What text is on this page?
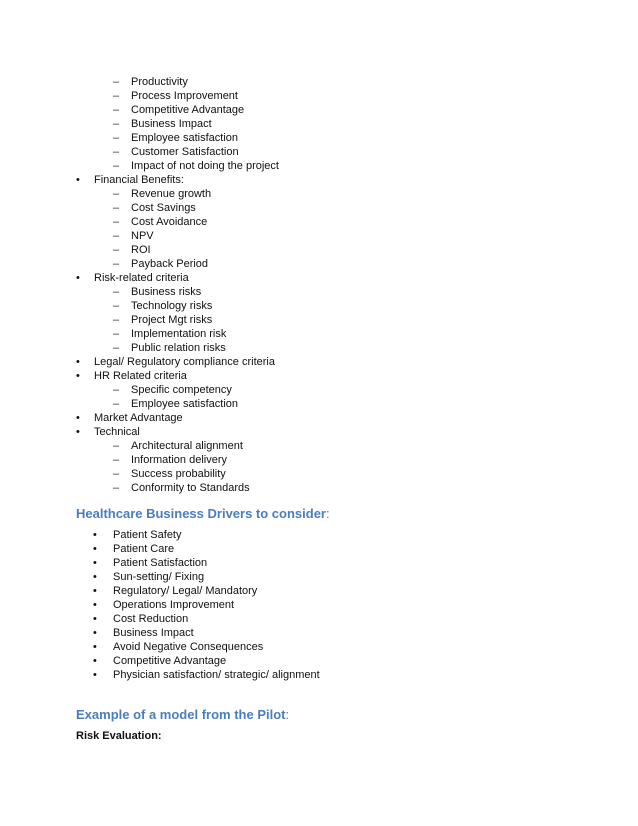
– Productivity
– Process Improvement
– Competitive Advantage
– Business Impact
– Employee satisfaction
– Customer Satisfaction
– Impact of not doing the project
• Financial Benefits:
– Revenue growth
– Cost Savings
– Cost Avoidance
– NPV
– ROI
– Payback Period
• Risk-related criteria
– Business risks
– Technology risks
– Project Mgt risks
– Implementation risk
– Public relation risks
• Legal/ Regulatory compliance criteria
• HR Related criteria
– Specific competency
– Employee satisfaction
• Market Advantage
• Technical
– Architectural alignment
– Information delivery
– Success probability
– Conformity to Standards
Healthcare Business Drivers to consider:
• Patient Safety
• Patient Care
• Patient Satisfaction
• Sun-setting/ Fixing
• Regulatory/ Legal/ Mandatory
• Operations Improvement
• Cost Reduction
• Business Impact
• Avoid Negative Consequences
• Competitive Advantage
• Physician satisfaction/ strategic/ alignment
Example of a model from the Pilot:

Risk Evaluation:
